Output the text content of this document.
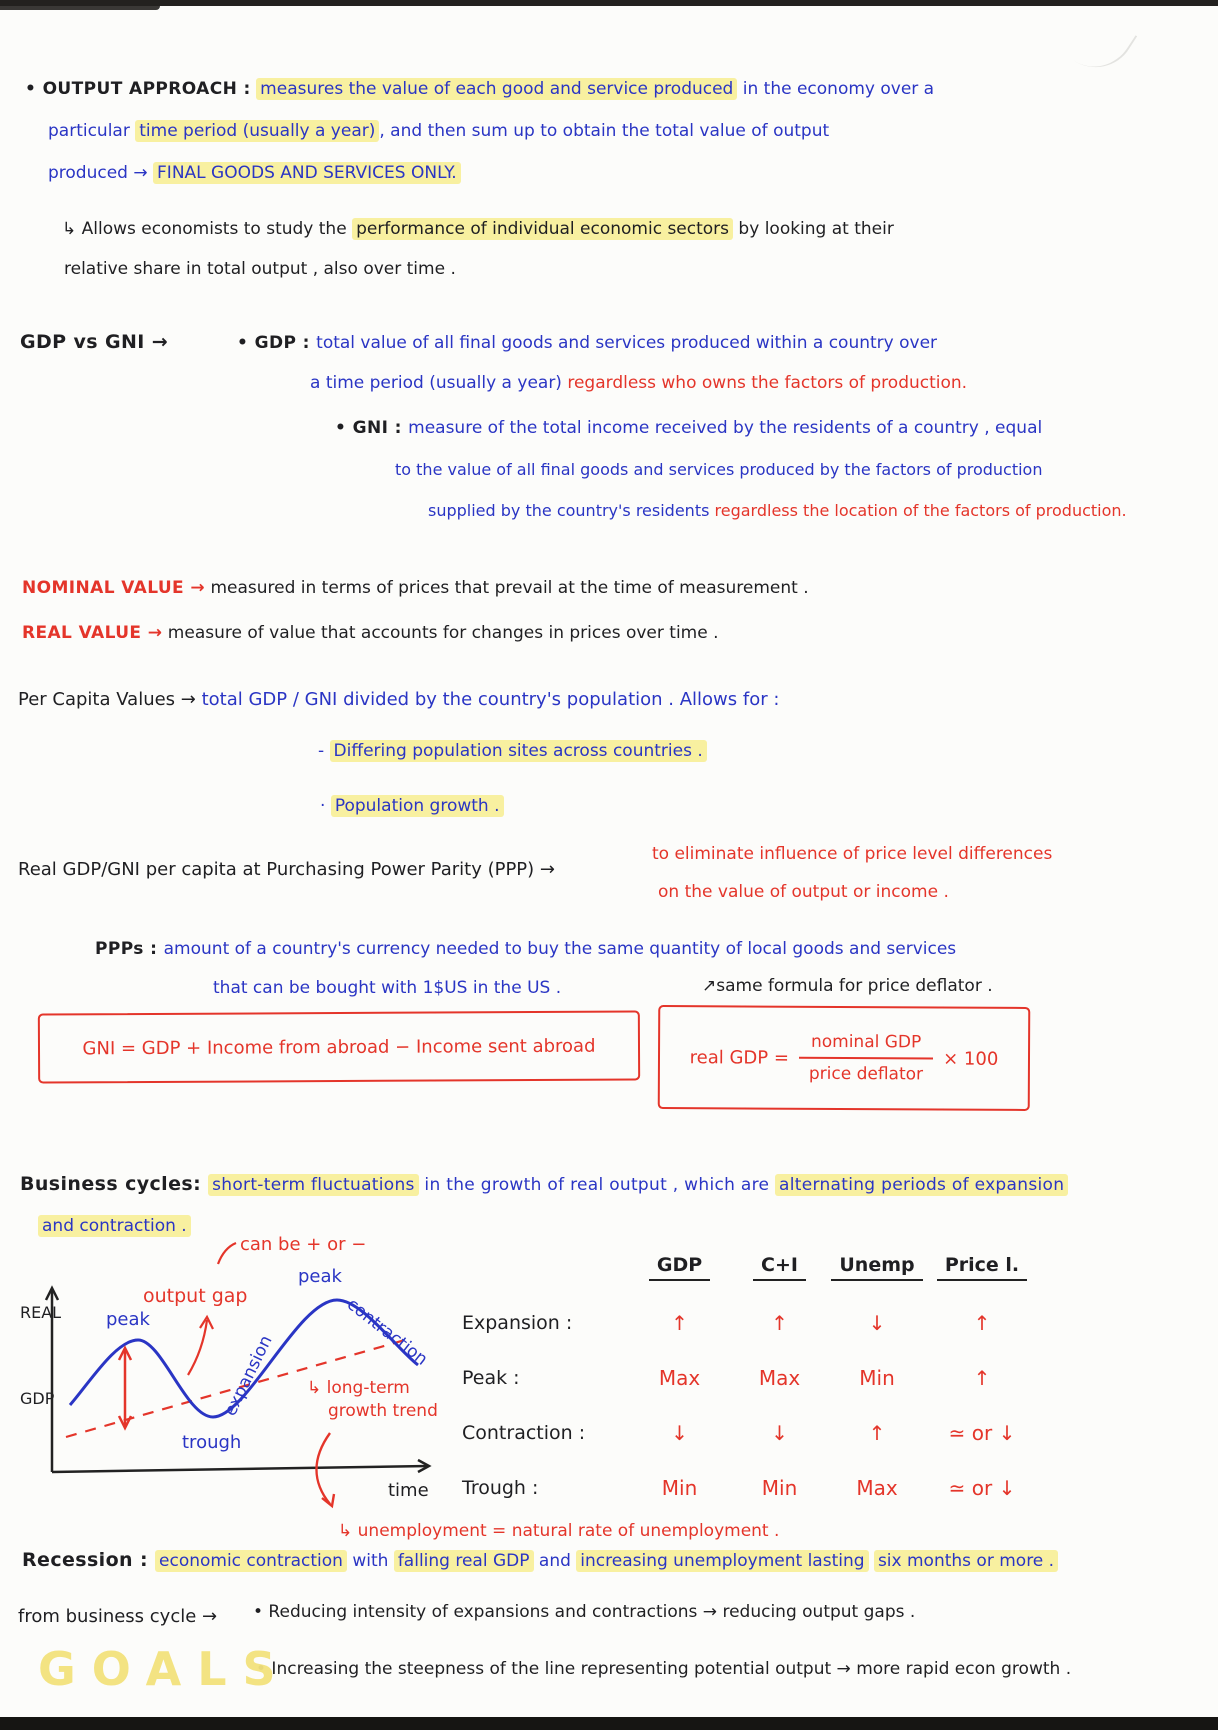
• OUTPUT APPROACH : measures the value of each good and service produced in the economy over a
particular time period (usually a year) , and then sum up to obtain the total value of output
produced → FINAL GOODS AND SERVICES ONLY.
↳ Allows economists to study the performance of individual economic sectors by looking at their
relative share in total output , also over time .
GDP vs GNI →	• GDP : total value of all final goods and services produced within a country over
a time period (usually a year) regardless who owns the factors of production.
• GNI : measure of the total income received by the residents of a country , equal
to the value of all final goods and services produced by the factors of production
supplied by the country's residents regardless the location of the factors of production.
NOMINAL VALUE → measured in terms of prices that prevail at the time of measurement .
REAL VALUE → measure of value that accounts for changes in prices over time .
Per Capita Values → total GDP / GNI divided by the country's population . Allows for :
- Differing population sites across countries .
· Population growth .
Real GDP/GNI per capita at Purchasing Power Parity (PPP) →
to eliminate influence of price level differences
on the value of output or income .
PPPs : amount of a country's currency needed to buy the same quantity of local goods and services
that can be bought with 1$US in the US .	↗same formula for price deflator .
GNI = GDP + Income from abroad − Income sent abroad	real GDP = $\frac{\text{nominal GDP}}{\text{price deflator}} \times 100$
Business cycles: short-term fluctuations in the growth of real output , which are alternating periods of expansion
and contraction .
REAL
GDP
can be + or −
output gap
peak
peak
expansion
contraction
trough
↳ long-term
growth trend
time
↳ unemployment = natural rate of unemployment .
GDP	C+I	Unemp	Price l.
Expansion :	↑	↑	↓	↑
Peak :	Max	Max	Min	↑
Contraction :	↓	↓	↑	≃ or ↓
Trough :	Min	Min	Max	≃ or ↓
Recession : economic contraction with falling real GDP and increasing unemployment lasting six months or more .
from business cycle → • Reducing intensity of expansions and contractions → reducing output gaps .
• Increasing the steepness of the line representing potential output → more rapid econ growth .
GOALS
